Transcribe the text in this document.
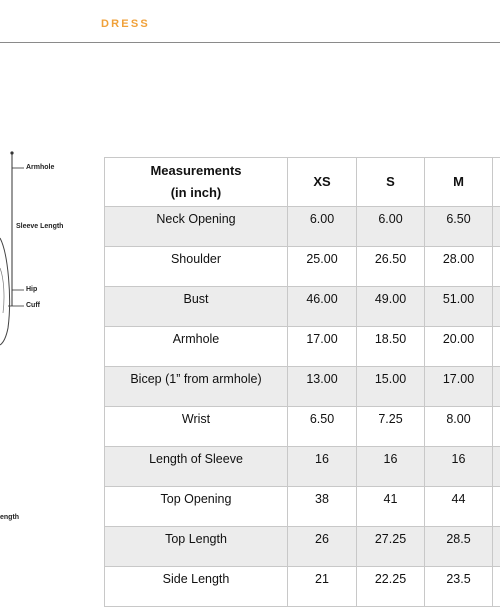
DRESS
Armhole
Sleeve Length
Hip
Cuff
ength
Measurements
(in inch)	XS	S	M	
Neck Opening	6.00	6.00	6.50	
Shoulder	25.00	26.50	28.00	
Bust	46.00	49.00	51.00	
Armhole	17.00	18.50	20.00	
Bicep (1” from armhole)	13.00	15.00	17.00	
Wrist	6.50	7.25	8.00	
Length of Sleeve	16	16	16	
Top Opening	38	41	44	
Top Length	26	27.25	28.5	
Side Length	21	22.25	23.5	
